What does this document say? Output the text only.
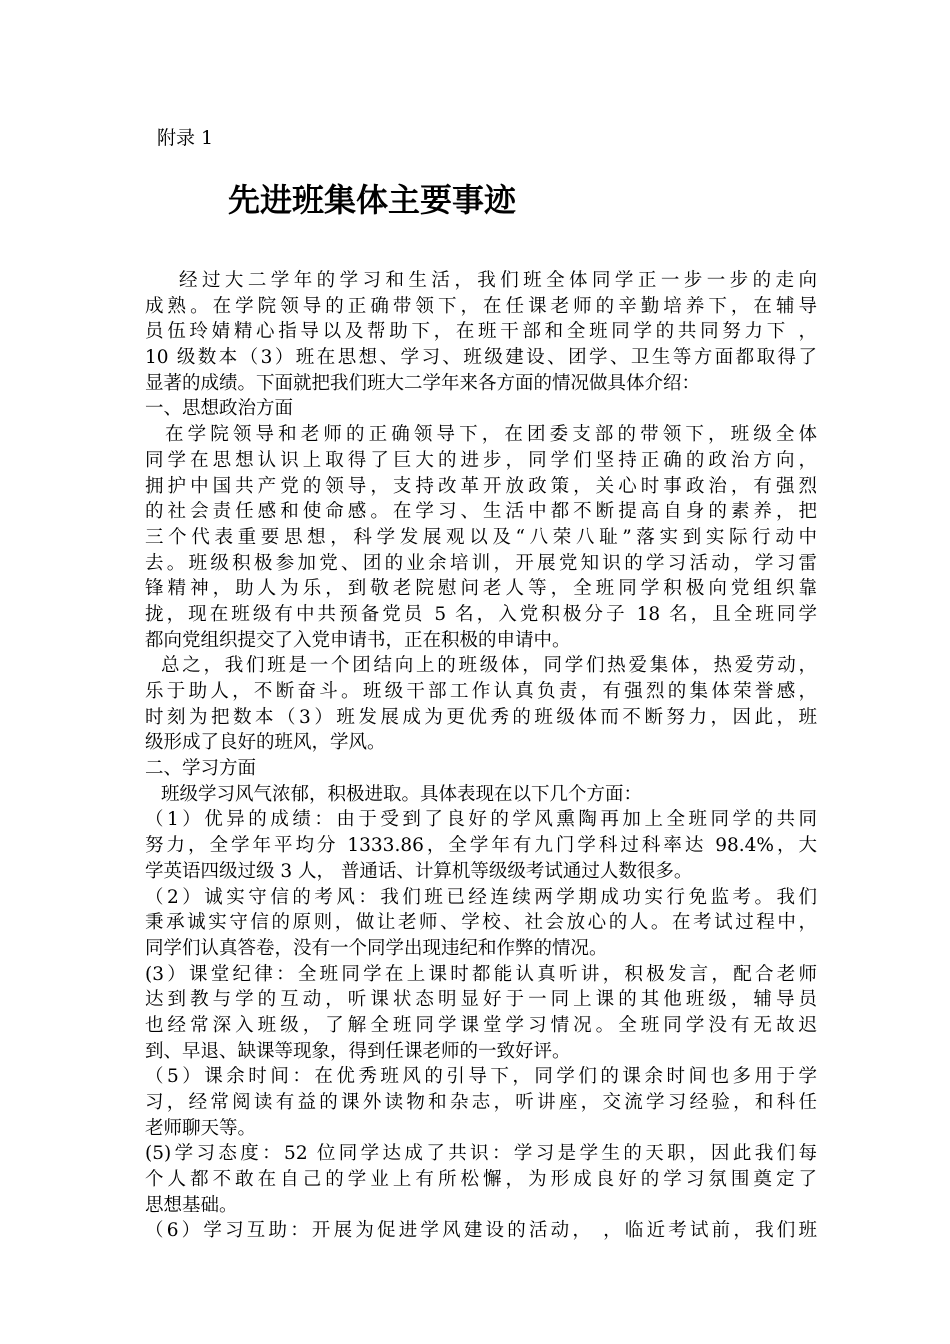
附录 1
先进班集体主要事迹
经过大二学年的学习和生活，我们班全体同学正一步一步的走向
成熟。在学院领导的正确带领下，在任课老师的辛勤培养下，在辅导
员伍玲婧精心指导以及帮助下，在班干部和全班同学的共同努力下 ，
10 级数本（3）班在思想、学习、班级建设、团学、卫生等方面都取得了
显著的成绩。下面就把我们班大二学年来各方面的情况做具体介绍：
一、思想政治方面
在学院领导和老师的正确领导下，在团委支部的带领下，班级全体
同学在思想认识上取得了巨大的进步，同学们坚持正确的政治方向，
拥护中国共产党的领导，支持改革开放政策，关心时事政治，有强烈
的社会责任感和使命感。在学习、生活中都不断提高自身的素养，把
三个代表重要思想，科学发展观以及“八荣八耻”落实到实际行动中
去。班级积极参加党、团的业余培训，开展党知识的学习活动，学习雷
锋精神，助人为乐，到敬老院慰问老人等，全班同学积极向党组织靠
拢，现在班级有中共预备党员 5 名，入党积极分子 18 名，且全班同学
都向党组织提交了入党申请书，正在积极的申请中。
总之，我们班是一个团结向上的班级体，同学们热爱集体，热爱劳动，
乐于助人，不断奋斗。班级干部工作认真负责，有强烈的集体荣誉感，
时刻为把数本（3）班发展成为更优秀的班级体而不断努力，因此，班
级形成了良好的班风，学风。
二、学习方面
班级学习风气浓郁，积极进取。具体表现在以下几个方面：
（1）优异的成绩：由于受到了良好的学风熏陶再加上全班同学的共同
努力，全学年平均分 1333.86，全学年有九门学科过科率达 98.4%，大
学英语四级过级 3 人， 普通话、计算机等级级考试通过人数很多。
（2）诚实守信的考风：我们班已经连续两学期成功实行免监考。我们
秉承诚实守信的原则，做让老师、学校、社会放心的人。在考试过程中，
同学们认真答卷，没有一个同学出现违纪和作弊的情况。
(3）课堂纪律：全班同学在上课时都能认真听讲，积极发言，配合老师
达到教与学的互动，听课状态明显好于一同上课的其他班级，辅导员
也经常深入班级，了解全班同学课堂学习情况。全班同学没有无故迟
到、早退、缺课等现象，得到任课老师的一致好评。
（5）课余时间：在优秀班风的引导下，同学们的课余时间也多用于学
习，经常阅读有益的课外读物和杂志，听讲座，交流学习经验，和科任
老师聊天等。
(5)学习态度：52 位同学达成了共识：学习是学生的天职，因此我们每
个人都不敢在自己的学业上有所松懈，为形成良好的学习氛围奠定了
思想基础。
（6）学习互助：开展为促进学风建设的活动， ，临近考试前，我们班
